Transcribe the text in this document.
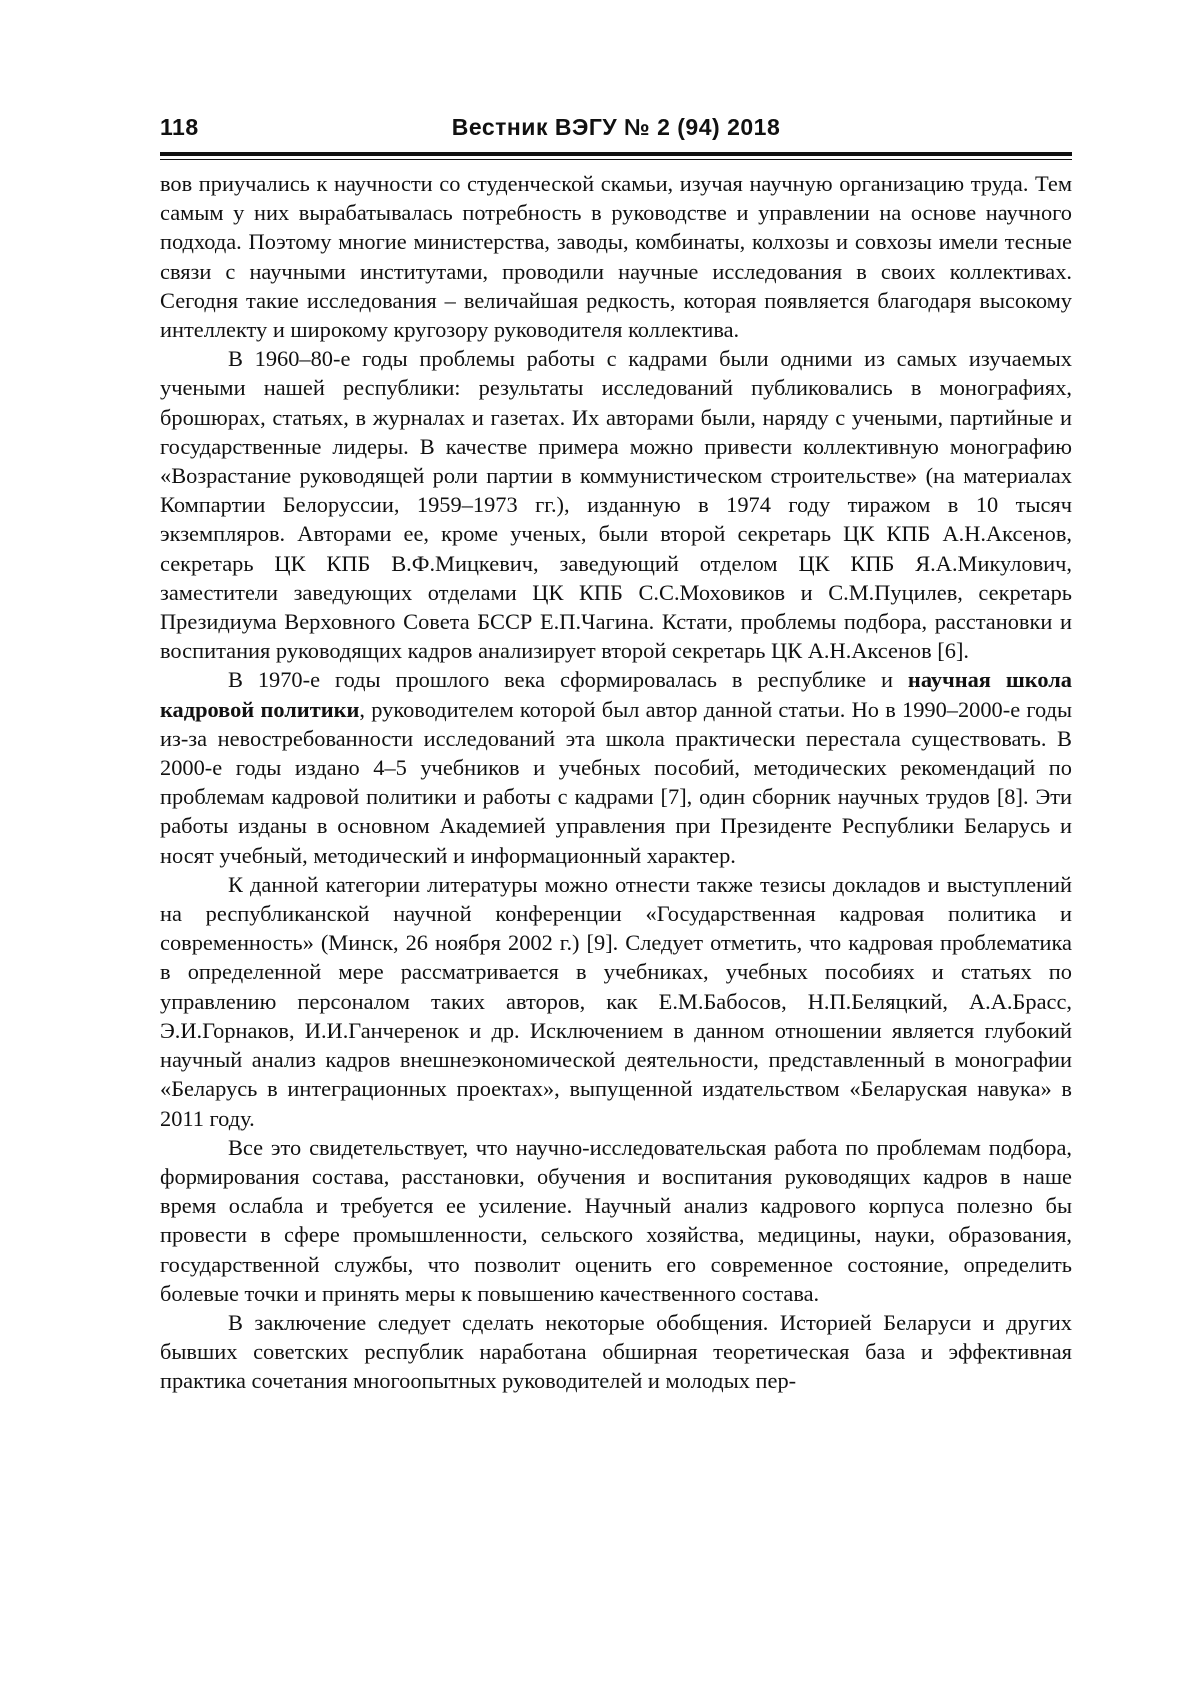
118	Вестник ВЭГУ № 2 (94) 2018

вов приучались к научности со студенческой скамьи, изучая научную организацию труда. Тем самым у них вырабатывалась потребность в руководстве и управлении на основе научного подхода. Поэтому многие министерства, заводы, комбинаты, колхозы и совхозы имели тесные связи с научными институтами, проводили научные исследования в своих коллективах. Сегодня такие исследования – величайшая редкость, которая появляется благодаря высокому интеллекту и широкому кругозору руководителя коллектива.

В 1960–80-е годы проблемы работы с кадрами были одними из самых изучаемых учеными нашей республики: результаты исследований публиковались в монографиях, брошюрах, статьях, в журналах и газетах. Их авторами были, наряду с учеными, партийные и государственные лидеры. В качестве примера можно привести коллективную монографию «Возрастание руководящей роли партии в коммунистическом строительстве» (на материалах Компартии Белоруссии, 1959–1973 гг.), изданную в 1974 году тиражом в 10 тысяч экземпляров. Авторами ее, кроме ученых, были второй секретарь ЦК КПБ А.Н.Аксенов, секретарь ЦК КПБ В.Ф.Мицкевич, заведующий отделом ЦК КПБ Я.А.Микулович, заместители заведующих отделами ЦК КПБ С.С.Моховиков и С.М.Пуцилев, секретарь Президиума Верховного Совета БССР Е.П.Чагина. Кстати, проблемы подбора, расстановки и воспитания руководящих кадров анализирует второй секретарь ЦК А.Н.Аксенов [6].

В 1970-е годы прошлого века сформировалась в республике и научная школа кадровой политики, руководителем которой был автор данной статьи. Но в 1990–2000-е годы из-за невостребованности исследований эта школа практически перестала существовать. В 2000-е годы издано 4–5 учебников и учебных пособий, методических рекомендаций по проблемам кадровой политики и работы с кадрами [7], один сборник научных трудов [8]. Эти работы изданы в основном Академией управления при Президенте Республики Беларусь и носят учебный, методический и информационный характер.

К данной категории литературы можно отнести также тезисы докладов и выступлений на республиканской научной конференции «Государственная кадровая политика и современность» (Минск, 26 ноября 2002 г.) [9]. Следует отметить, что кадровая проблематика в определенной мере рассматривается в учебниках, учебных пособиях и статьях по управлению персоналом таких авторов, как Е.М.Бабосов, Н.П.Беляцкий, А.А.Брасс, Э.И.Горнаков, И.И.Ганчеренок и др. Исключением в данном отношении является глубокий научный анализ кадров внешнеэкономической деятельности, представленный в монографии «Беларусь в интеграционных проектах», выпущенной издательством «Беларуская навука» в 2011 году.

Все это свидетельствует, что научно-исследовательская работа по проблемам подбора, формирования состава, расстановки, обучения и воспитания руководящих кадров в наше время ослабла и требуется ее усиление. Научный анализ кадрового корпуса полезно бы провести в сфере промышленности, сельского хозяйства, медицины, науки, образования, государственной службы, что позволит оценить его современное состояние, определить болевые точки и принять меры к повышению качественного состава.

В заключение следует сделать некоторые обобщения. Историей Беларуси и других бывших советских республик наработана обширная теоретическая база и эффективная практика сочетания многоопытных руководителей и молодых пер-
